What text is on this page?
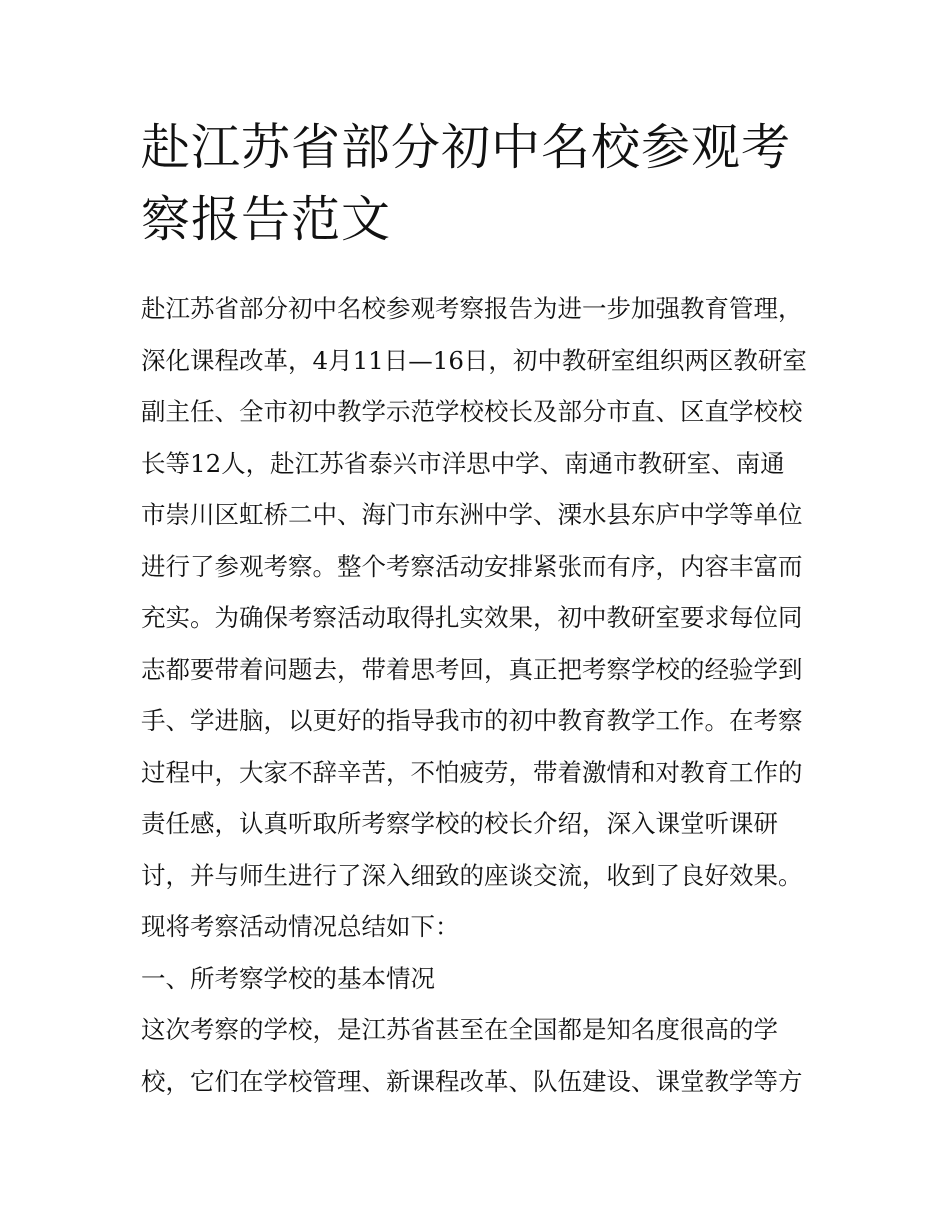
赴江苏省部分初中名校参观考
察报告范文
赴江苏省部分初中名校参观考察报告为进一步加强教育管理，
深化课程改革，4月11日—16日，初中教研室组织两区教研室
副主任、全市初中教学示范学校校长及部分市直、区直学校校
长等12人，赴江苏省泰兴市洋思中学、南通市教研室、南通
市崇川区虹桥二中、海门市东洲中学、溧水县东庐中学等单位
进行了参观考察。整个考察活动安排紧张而有序，内容丰富而
充实。为确保考察活动取得扎实效果，初中教研室要求每位同
志都要带着问题去，带着思考回，真正把考察学校的经验学到
手、学进脑，以更好的指导我市的初中教育教学工作。在考察
过程中，大家不辞辛苦，不怕疲劳，带着激情和对教育工作的
责任感，认真听取所考察学校的校长介绍，深入课堂听课研
讨，并与师生进行了深入细致的座谈交流，收到了良好效果。
现将考察活动情况总结如下：
一、所考察学校的基本情况
这次考察的学校，是江苏省甚至在全国都是知名度很高的学
校，它们在学校管理、新课程改革、队伍建设、课堂教学等方
